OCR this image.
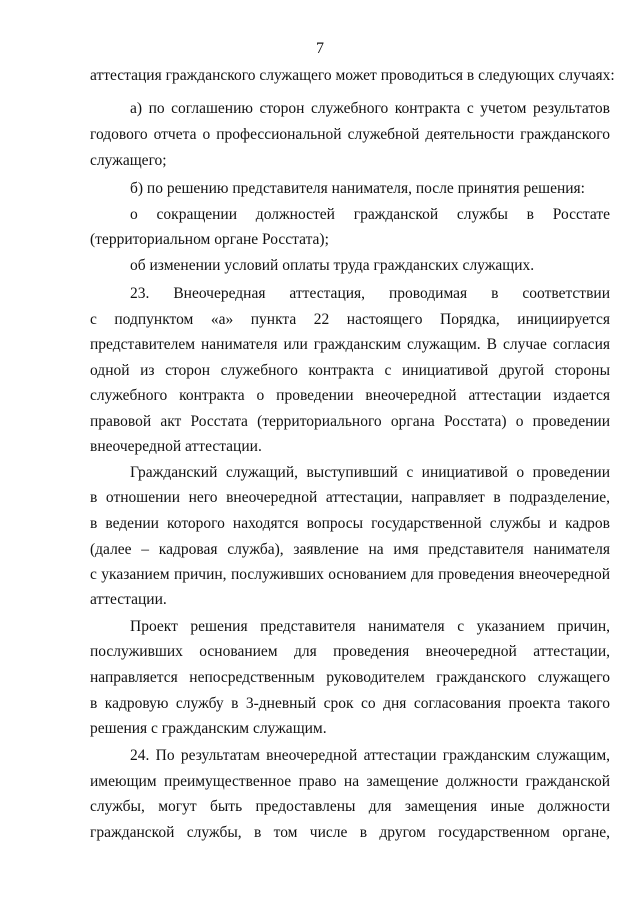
7
аттестация гражданского служащего может проводиться в следующих случаях:
а) по соглашению сторон служебного контракта с учетом результатов
годового отчета о профессиональной служебной деятельности гражданского
служащего;
б) по решению представителя нанимателя, после принятия решения:
о сокращении должностей гражданской службы в Росстате
(территориальном органе Росстата);
об изменении условий оплаты труда гражданских служащих.
23. Внеочередная аттестация, проводимая в соответствии
с подпунктом «а» пункта 22 настоящего Порядка, инициируется
представителем нанимателя или гражданским служащим. В случае согласия
одной из сторон служебного контракта с инициативой другой стороны
служебного контракта о проведении внеочередной аттестации издается
правовой акт Росстата (территориального органа Росстата) о проведении
внеочередной аттестации.
Гражданский служащий, выступивший с инициативой о проведении
в отношении него внеочередной аттестации, направляет в подразделение,
в ведении которого находятся вопросы государственной службы и кадров
(далее – кадровая служба), заявление на имя представителя нанимателя
с указанием причин, послуживших основанием для проведения внеочередной
аттестации.
Проект решения представителя нанимателя с указанием причин,
послуживших основанием для проведения внеочередной аттестации,
направляется непосредственным руководителем гражданского служащего
в кадровую службу в 3-дневный срок со дня согласования проекта такого
решения с гражданским служащим.
24. По результатам внеочередной аттестации гражданским служащим,
имеющим преимущественное право на замещение должности гражданской
службы, могут быть предоставлены для замещения иные должности
гражданской службы, в том числе в другом государственном органе,
